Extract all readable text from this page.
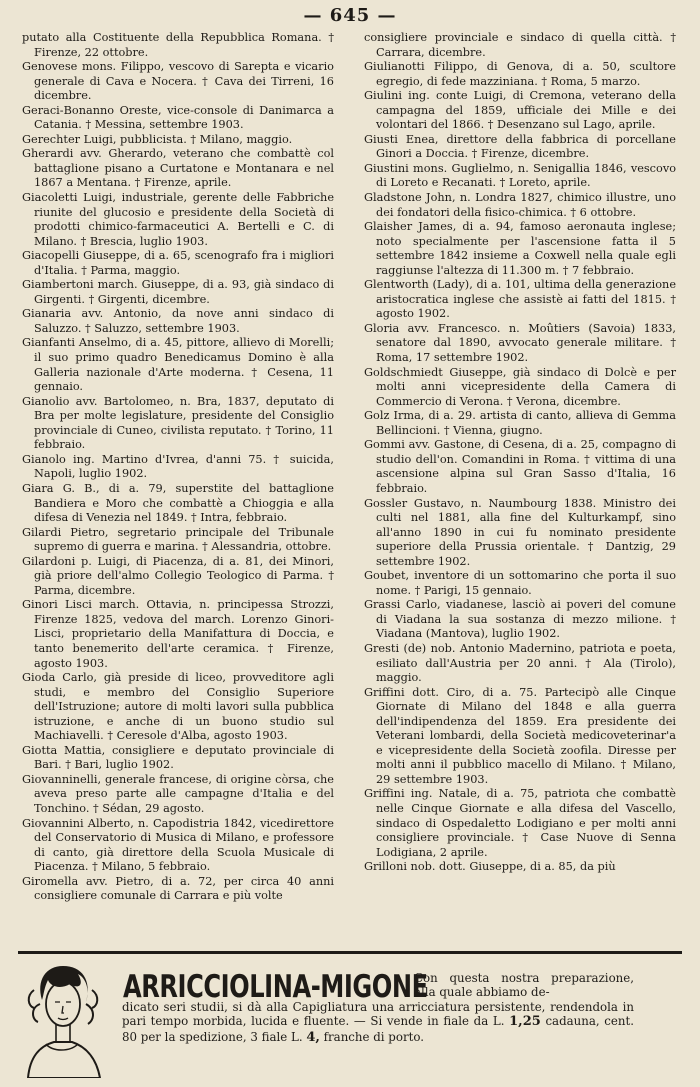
— 645 —

putato alla Costituente della Repubblica Romana. † Firenze, 22 ottobre.

Genovese mons. Filippo, vescovo di Sarepta e vicario generale di Cava e Nocera. † Cava dei Tirreni, 16 dicembre.

Geraci-Bonanno Oreste, vice-console di Danimarca a Catania. † Messina, settembre 1903.

Gerechter Luigi, pubblicista. † Milano, maggio.

Gherardi avv. Gherardo, veterano che combattè col battaglione pisano a Curtatone e Montanara e nel 1867 a Mentana. † Firenze, aprile.

Giacoletti Luigi, industriale, gerente delle Fabbriche riunite del glucosio e presidente della Società di prodotti chimico-farmaceutici A. Bertelli e C. di Milano. † Brescia, luglio 1903.

Giacopelli Giuseppe, di a. 65, scenografo fra i migliori d'Italia. † Parma, maggio.

Giambertoni march. Giuseppe, di a. 93, già sindaco di Girgenti. † Girgenti, dicembre.

Gianaria avv. Antonio, da nove anni sindaco di Saluzzo. † Saluzzo, settembre 1903.

Gianfanti Anselmo, di a. 45, pittore, allievo di Morelli; il suo primo quadro Benedicamus Domino è alla Galleria nazionale d'Arte moderna. † Cesena, 11 gennaio.

Gianolio avv. Bartolomeo, n. Bra, 1837, deputato di Bra per molte legislature, presidente del Consiglio provinciale di Cuneo, civilista reputato. † Torino, 11 febbraio.

Gianolo ing. Martino d'Ivrea, d'anni 75. † suicida, Napoli, luglio 1902.

Giara G. B., di a. 79, superstite del battaglione Bandiera e Moro che combattè a Chioggia e alla difesa di Venezia nel 1849. † Intra, febbraio.

Gilardi Pietro, segretario principale del Tribunale supremo di guerra e marina. † Alessandria, ottobre.

Gilardoni p. Luigi, di Piacenza, di a. 81, dei Minori, già priore dell'almo Collegio Teologico di Parma. † Parma, dicembre.

Ginori Lisci march. Ottavia, n. principessa Strozzi, Firenze 1825, vedova del march. Lorenzo Ginori-Lisci, proprietario della Manifattura di Doccia, e tanto benemerito dell'arte ceramica. † Firenze, agosto 1903.

Gioda Carlo, già preside di liceo, provveditore agli studi, e membro del Consiglio Superiore dell'Istruzione; autore di molti lavori sulla pubblica istruzione, e anche di un buono studio sul Machiavelli. † Ceresole d'Alba, agosto 1903.

Giotta Mattia, consigliere e deputato provinciale di Bari. † Bari, luglio 1902.

Giovanninelli, generale francese, di origine còrsa, che aveva preso parte alle campagne d'Italia e del Tonchino. † Sédan, 29 agosto.

Giovannini Alberto, n. Capodistria 1842, vicedirettore del Conservatorio di Musica di Milano, e professore di canto, già direttore della Scuola Musicale di Piacenza. † Milano, 5 febbraio.

Giromella avv. Pietro, di a. 72, per circa 40 anni consigliere comunale di Carrara e più volte

consigliere provinciale e sindaco di quella città. † Carrara, dicembre.

Giulianotti Filippo, di Genova, di a. 50, scultore egregio, di fede mazziniana. † Roma, 5 marzo.

Giulini ing. conte Luigi, di Cremona, veterano della campagna del 1859, ufficiale dei Mille e dei volontari del 1866. † Desenzano sul Lago, aprile.

Giusti Enea, direttore della fabbrica di porcellane Ginori a Doccia. † Firenze, dicembre.

Giustini mons. Guglielmo, n. Senigallia 1846, vescovo di Loreto e Recanati. † Loreto, aprile.

Gladstone John, n. Londra 1827, chimico illustre, uno dei fondatori della fisico-chimica. † 6 ottobre.

Glaisher James, di a. 94, famoso aeronauta inglese; noto specialmente per l'ascensione fatta il 5 settembre 1842 insieme a Coxwell nella quale egli raggiunse l'altezza di 11.300 m. † 7 febbraio.

Glentworth (Lady), di a. 101, ultima della generazione aristocratica inglese che assistè ai fatti del 1815. † agosto 1902.

Gloria avv. Francesco. n. Moûtiers (Savoia) 1833, senatore dal 1890, avvocato generale militare. † Roma, 17 settembre 1902.

Goldschmiedt Giuseppe, già sindaco di Dolcè e per molti anni vicepresidente della Camera di Commercio di Verona. † Verona, dicembre.

Golz Irma, di a. 29. artista di canto, allieva di Gemma Bellincioni. † Vienna, giugno.

Gommi avv. Gastone, di Cesena, di a. 25, compagno di studio dell'on. Comandini in Roma. † vittima di una ascensione alpina sul Gran Sasso d'Italia, 16 febbraio.

Gossler Gustavo, n. Naumbourg 1838. Ministro dei culti nel 1881, alla fine del Kulturkampf, sino all'anno 1890 in cui fu nominato presidente superiore della Prussia orientale. † Dantzig, 29 settembre 1902.

Goubet, inventore di un sottomarino che porta il suo nome. † Parigi, 15 gennaio.

Grassi Carlo, viadanese, lasciò ai poveri del comune di Viadana la sua sostanza di mezzo milione. † Viadana (Mantova), luglio 1902.

Gresti (de) nob. Antonio Madernino, patriota e poeta, esiliato dall'Austria per 20 anni. † Ala (Tirolo), maggio.

Griffini dott. Ciro, di a. 75. Partecipò alle Cinque Giornate di Milano del 1848 e alla guerra dell'indipendenza del 1859. Era presidente dei Veterani lombardi, della Società medicoveterinar'a e vicepresidente della Società zoofila. Diresse per molti anni il pubblico macello di Milano. † Milano, 29 settembre 1903.

Griffini ing. Natale, di a. 75, patriota che combattè nelle Cinque Giornate e alla difesa del Vascello, sindaco di Ospedaletto Lodigiano e per molti anni consigliere provinciale. † Case Nuove di Senna Lodigiana, 2 aprile.

Grilloni nob. dott. Giuseppe, di a. 85, da più

ARRICCIOLINA-MIGONE
Con questa nostra preparazione, alla quale abbiamo de-
dicato seri studii, si dà alla Capigliatura una arricciatura persistente, rendendola in pari tempo morbida, lucida e fluente. — Si vende in fiale da L. 1,25 cadauna, cent. 80 per la spedizione, 3 fiale L. 4, franche di porto.
